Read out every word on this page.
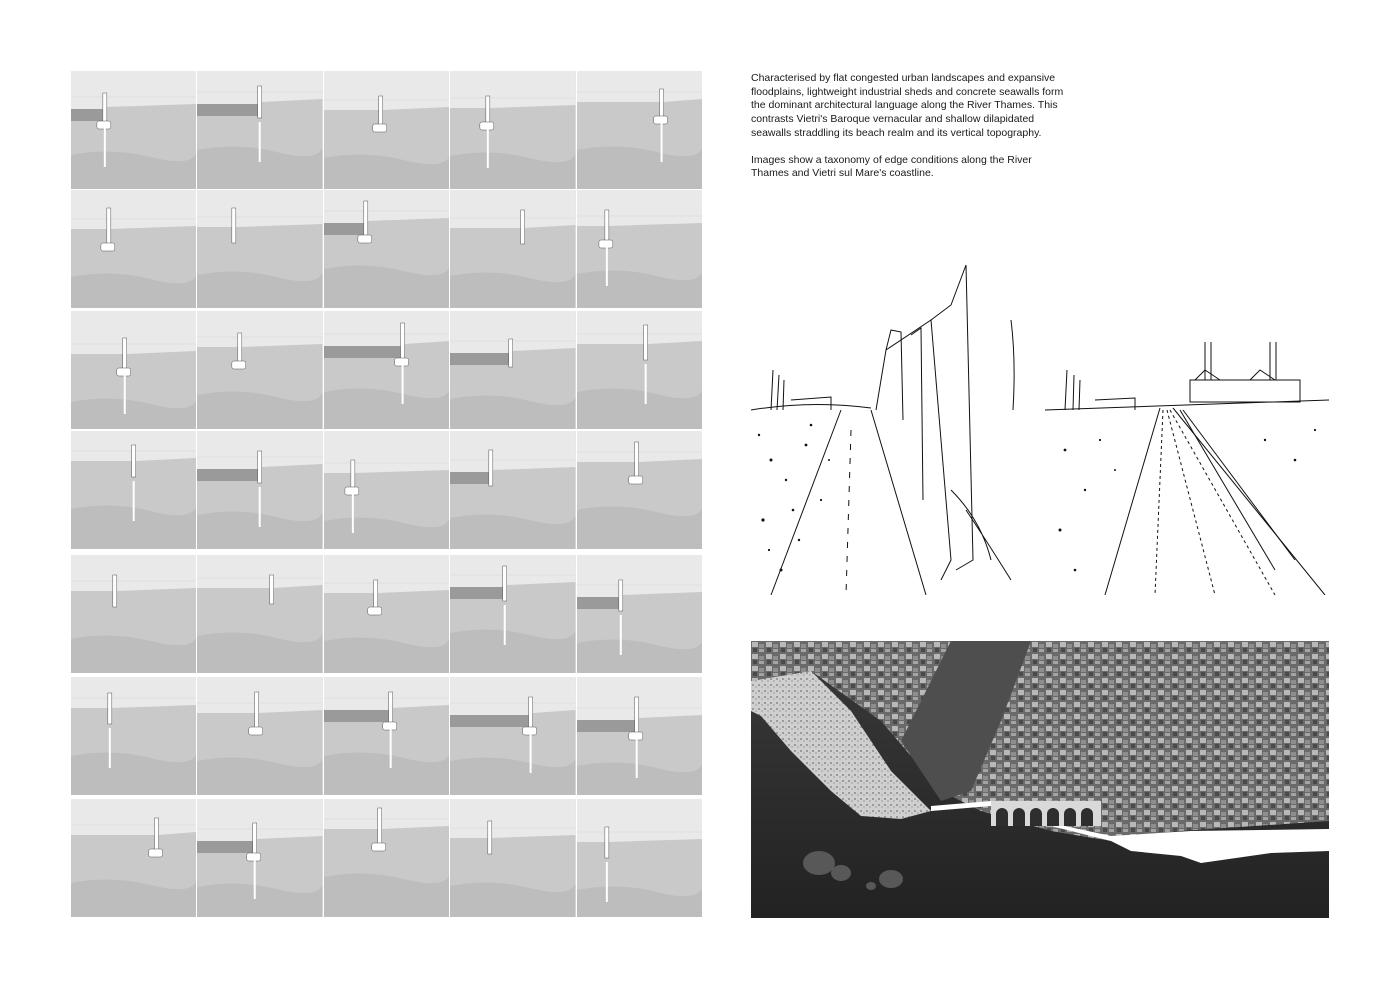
Characterised by flat congested urban landscapes and expansive floodplains, lightweight industrial sheds and concrete seawalls form the dominant architectural language along the River Thames. This contrasts Vietri's Baroque vernacular and shallow dilapidated seawalls straddling its beach realm and its vertical topography.

Images show a taxonomy of edge conditions along the River Thames and Vietri sul Mare's coastline.
